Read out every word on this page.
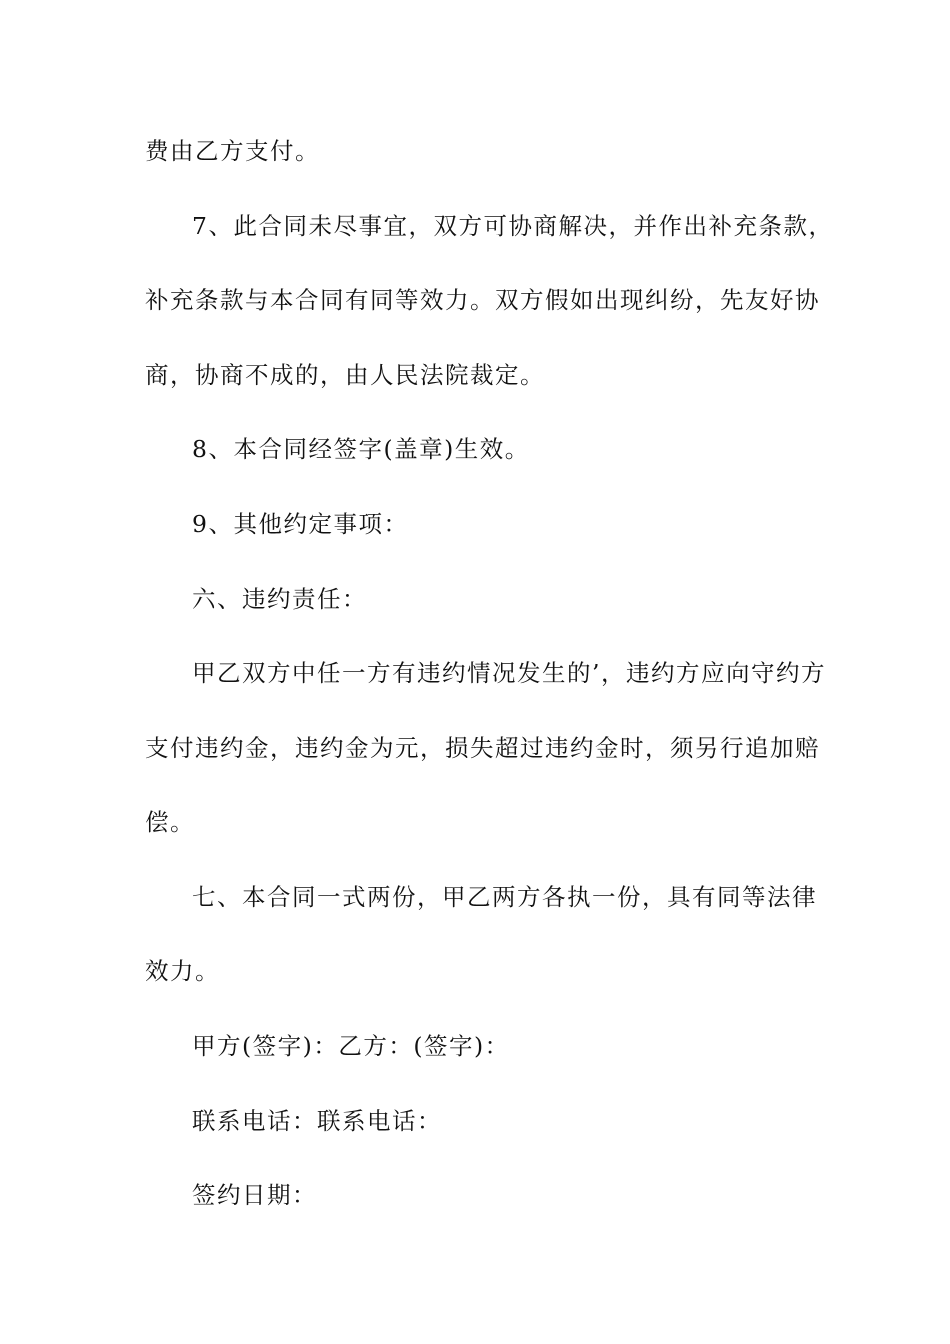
费由乙方支付。
7、此合同未尽事宜，双方可协商解决，并作出补充条款，
补充条款与本合同有同等效力。双方假如出现纠纷，先友好协
商，协商不成的，由人民法院裁定。
8、本合同经签字(盖章)生效。
9、其他约定事项：
六、违约责任：
甲乙双方中任一方有违约情况发生的’，违约方应向守约方
支付违约金，违约金为元，损失超过违约金时，须另行追加赔
偿。
七、本合同一式两份，甲乙两方各执一份，具有同等法律
效力。
甲方(签字)：乙方：(签字)：
联系电话：联系电话：
签约日期：
